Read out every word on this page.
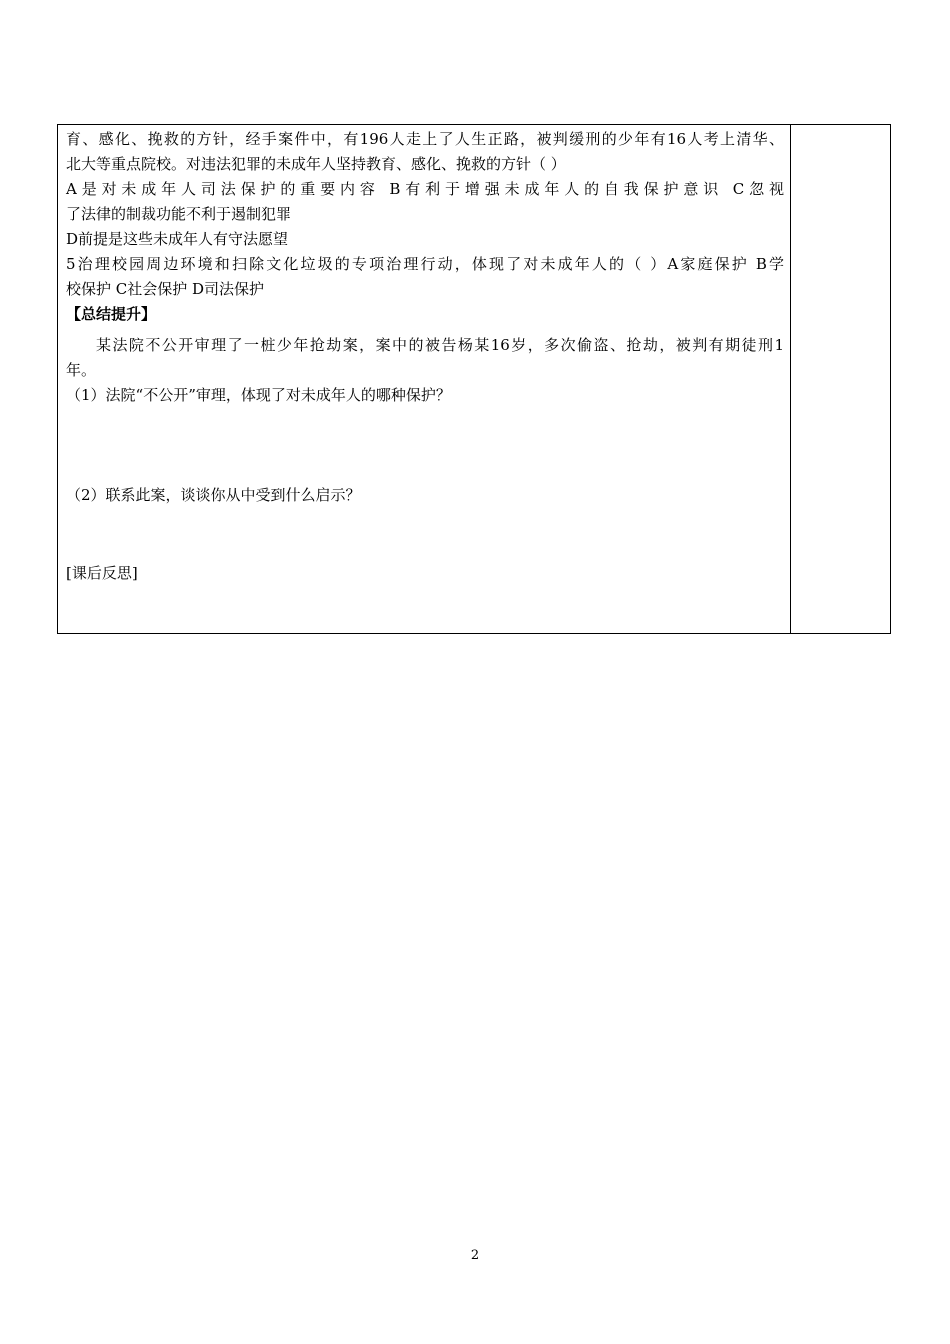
育、感化、挽救的方针，经手案件中，有196人走上了人生正路，被判缓刑的少年有16人考上清华、

北大等重点院校。对违法犯罪的未成年人坚持教育、感化、挽救的方针（ ）

A是对未成年人司法保护的重要内容 B有利于增强未成年人的自我保护意识 C忽视

了法律的制裁功能不利于遏制犯罪

D前提是这些未成年人有守法愿望

5治理校园周边环境和扫除文化垃圾的专项治理行动，体现了对未成年人的（ ）A家庭保护 B学

校保护 C社会保护 D司法保护

【总结提升】

某法院不公开审理了一桩少年抢劫案，案中的被告杨某16岁，多次偷盗、抢劫，被判有期徒刑1

年。

（1）法院“不公开”审理，体现了对未成年人的哪种保护？

（2）联系此案，谈谈你从中受到什么启示？

[课后反思]

2
